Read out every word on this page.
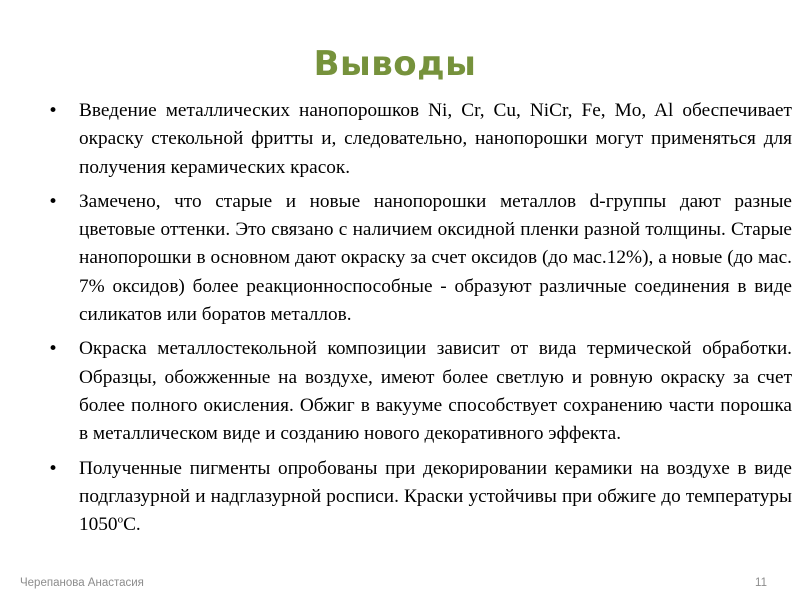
Выводы
• Введение металлических нанопорошков Ni, Cr, Cu, NiCr, Fe, Mo, Al обеспечивает окраску стекольной фритты и, следовательно, нанопорошки могут применяться для получения керамических красок.
• Замечено, что старые и новые нанопорошки металлов d-группы дают разные цветовые оттенки. Это связано с наличием оксидной пленки разной толщины. Старые нанопорошки в основном дают окраску за счет оксидов (до мас.12%), а новые (до мас. 7% оксидов) более реакционноспособные - образуют различные соединения в виде силикатов или боратов металлов.
• Окраска металлостекольной композиции зависит от вида термической обработки. Образцы, обожженные на воздухе, имеют более светлую и ровную окраску за счет более полного окисления. Обжиг в вакууме способствует сохранению части порошка в металлическом виде и созданию нового декоративного эффекта.
• Полученные пигменты опробованы при декорировании керамики на воздухе в виде подглазурной и надглазурной росписи. Краски устойчивы при обжиге до температуры $1050^оС$.
Черепанова Анастасия	11
